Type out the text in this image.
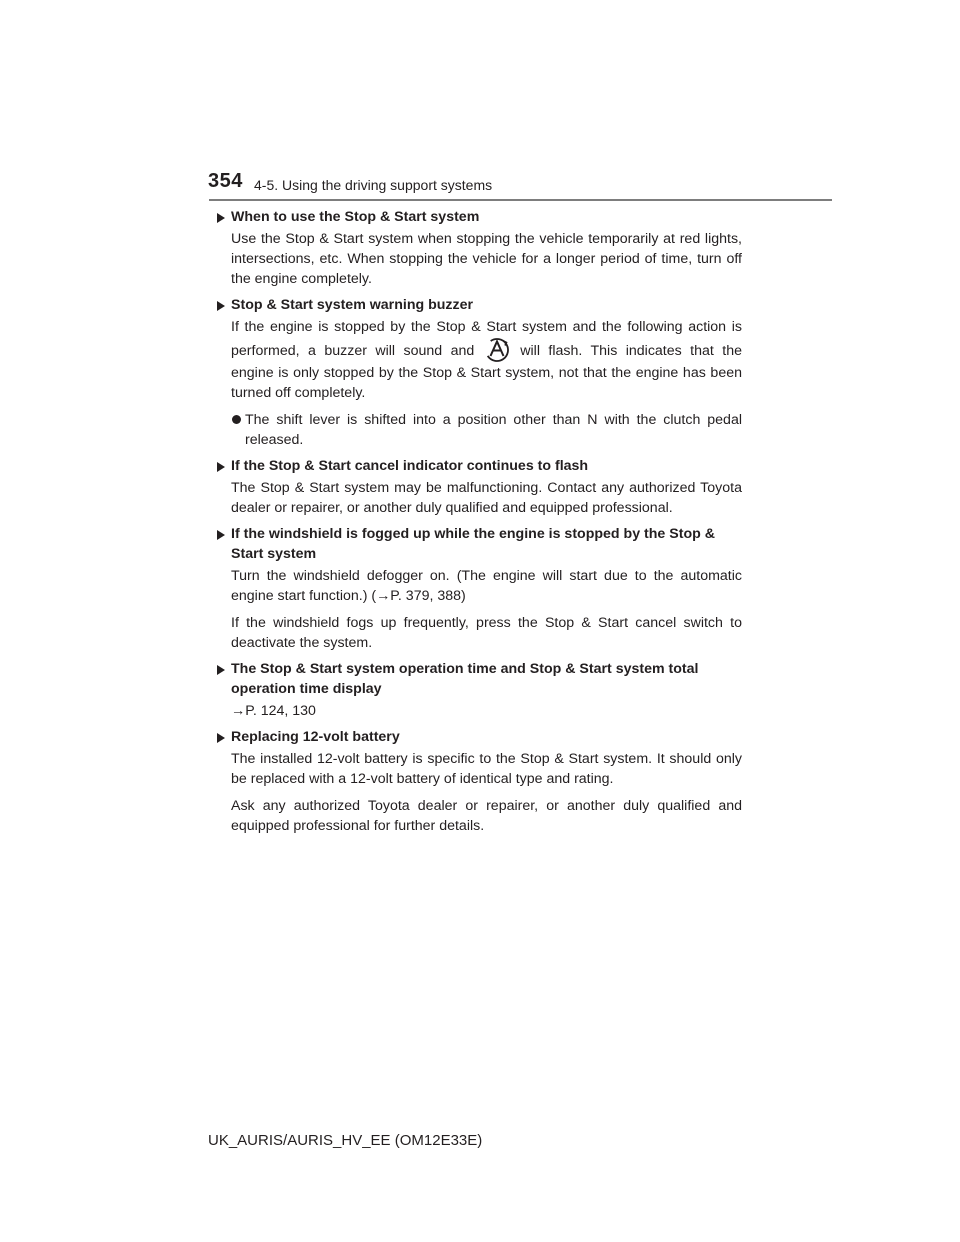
354 4-5. Using the driving support systems

When to use the Stop & Start system

Use the Stop & Start system when stopping the vehicle temporarily at red lights, intersections, etc. When stopping the vehicle for a longer period of time, turn off the engine completely.

Stop & Start system warning buzzer

If the engine is stopped by the Stop & Start system and the following action is performed, a buzzer will sound and	will flash. This indicates that the engine is only stopped by the Stop & Start system, not that the engine has been turned off completely.

The shift lever is shifted into a position other than N with the clutch pedal released.

If the Stop & Start cancel indicator continues to flash

The Stop & Start system may be malfunctioning. Contact any authorized Toyota dealer or repairer, or another duly qualified and equipped professional.

If the windshield is fogged up while the engine is stopped by the Stop & Start system

Turn the windshield defogger on. (The engine will start due to the automatic engine start function.) (→P. 379, 388)

If the windshield fogs up frequently, press the Stop & Start cancel switch to deactivate the system.

The Stop & Start system operation time and Stop & Start system total operation time display

→P. 124, 130

Replacing 12-volt battery

The installed 12-volt battery is specific to the Stop & Start system. It should only be replaced with a 12-volt battery of identical type and rating.

Ask any authorized Toyota dealer or repairer, or another duly qualified and equipped professional for further details.

UK_AURIS/AURIS_HV_EE (OM12E33E)
